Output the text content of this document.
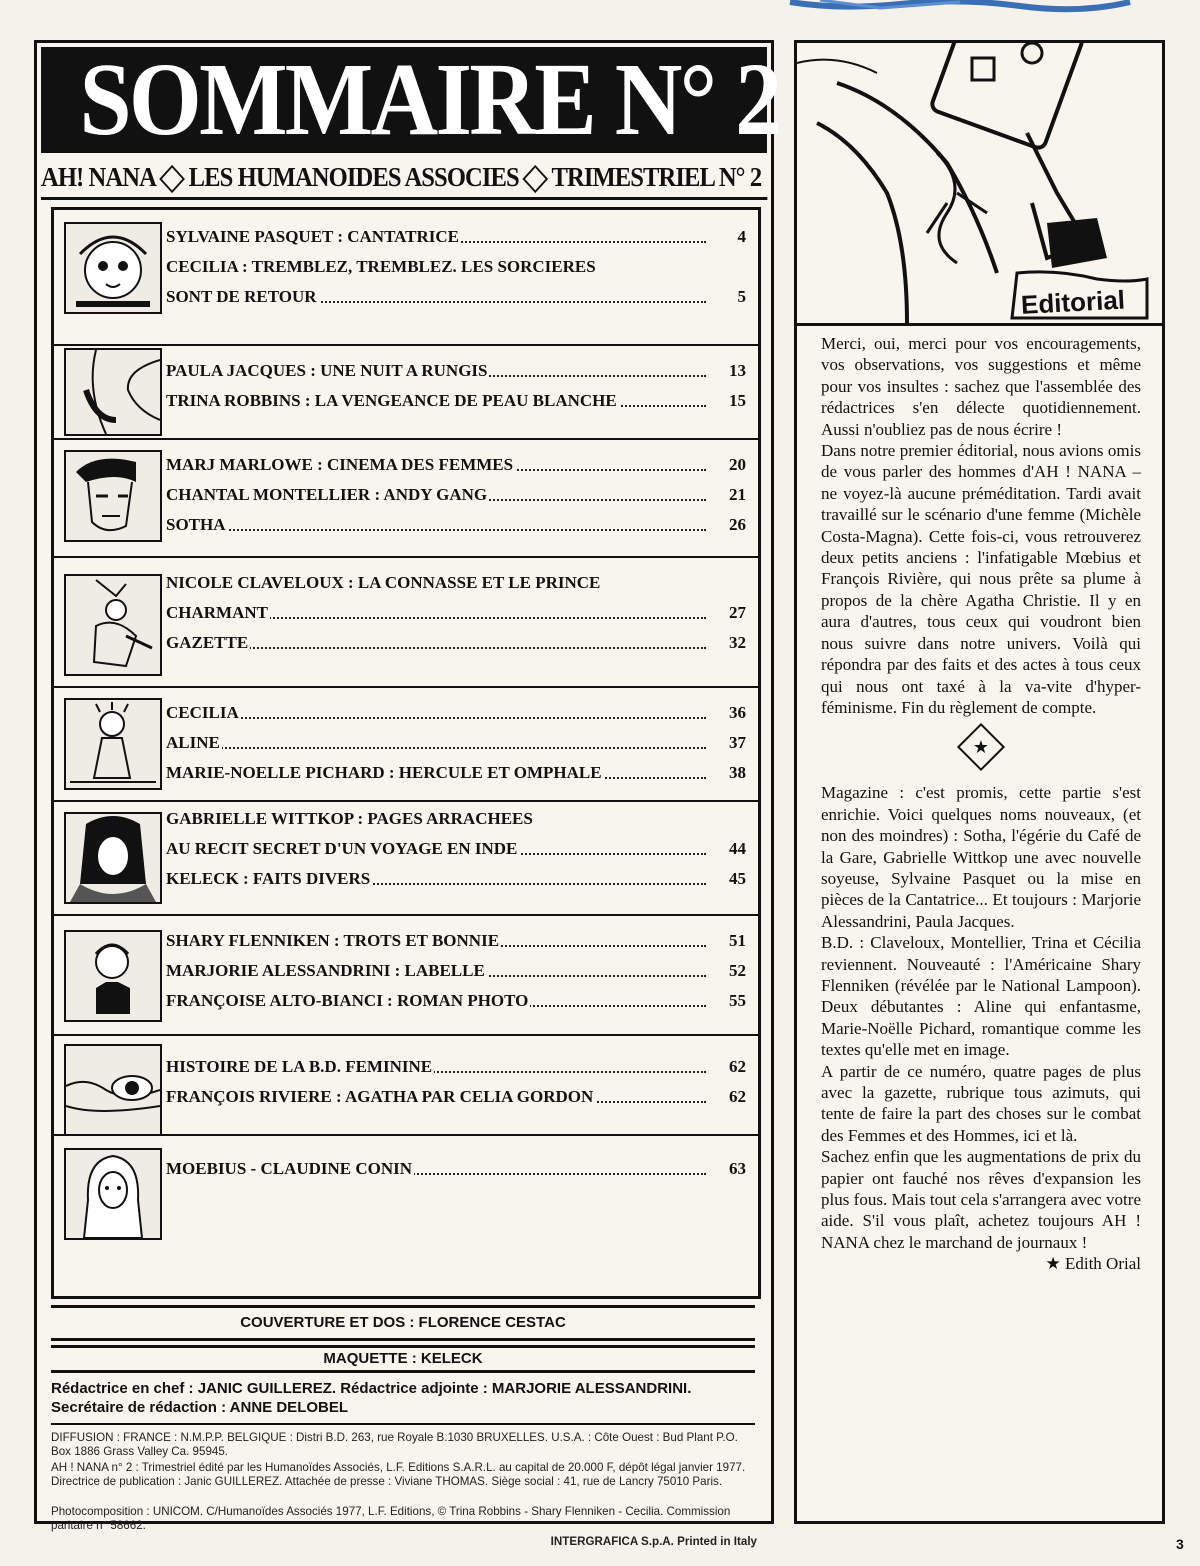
SOMMAIRE N° 2
AH! NANA LES HUMANOIDES ASSOCIES TRIMESTRIEL N° 2
SYLVAINE PASQUET : CANTATRICE	4
CECILIA : TREMBLEZ, TREMBLEZ. LES SORCIERES
SONT DE RETOUR	5
PAULA JACQUES : UNE NUIT A RUNGIS	13
TRINA ROBBINS : LA VENGEANCE DE PEAU BLANCHE	15
MARJ MARLOWE : CINEMA DES FEMMES	20
CHANTAL MONTELLIER : ANDY GANG	21
SOTHA	26
NICOLE CLAVELOUX : LA CONNASSE ET LE PRINCE
CHARMANT	27
GAZETTE	32
CECILIA	36
ALINE	37
MARIE-NOELLE PICHARD : HERCULE ET OMPHALE	38
GABRIELLE WITTKOP : PAGES ARRACHEES
AU RECIT SECRET D'UN VOYAGE EN INDE	44
KELECK : FAITS DIVERS	45
SHARY FLENNIKEN : TROTS ET BONNIE	51
MARJORIE ALESSANDRINI : LABELLE	52
FRANÇOISE ALTO-BIANCI : ROMAN PHOTO	55
HISTOIRE DE LA B.D. FEMININE	62
FRANÇOIS RIVIERE : AGATHA PAR CELIA GORDON	62
MOEBIUS - CLAUDINE CONIN	63
COUVERTURE ET DOS : FLORENCE CESTAC
MAQUETTE : KELECK
Rédactrice en chef : JANIC GUILLEREZ. Rédactrice adjointe : MARJORIE ALESSANDRINI. Secrétaire de rédaction : ANNE DELOBEL
DIFFUSION : FRANCE : N.M.P.P. BELGIQUE : Distri B.D. 263, rue Royale B.1030 BRUXELLES. U.S.A. : Côte Ouest : Bud Plant P.O. Box 1886 Grass Valley Ca. 95945.
AH ! NANA n° 2 : Trimestriel édité par les Humanoïdes Associés, L.F. Editions S.A.R.L. au capital de 20.000 F, dépôt légal janvier 1977. Directrice de publication : Janic GUILLEREZ. Attachée de presse : Viviane THOMAS. Siège social : 41, rue de Lancry 75010 Paris.
Photocomposition : UNICOM. C/Humanoïdes Associés 1977, L.F. Editions, © Trina Robbins - Shary Flenniken - Cecilia. Commission paritaire n° 58662.
INTERGRAFICA S.p.A. Printed in Italy
Editorial

Merci, oui, merci pour vos encouragements, vos observations, vos suggestions et même pour vos insultes : sachez que l'assemblée des rédactrices s'en délecte quotidiennement. Aussi n'oubliez pas de nous écrire !

Dans notre premier éditorial, nous avions omis de vous parler des hommes d'AH ! NANA – ne voyez-là aucune préméditation. Tardi avait travaillé sur le scénario d'une femme (Michèle Costa-Magna). Cette fois-ci, vous retrouverez deux petits anciens : l'infatigable Mœbius et François Rivière, qui nous prête sa plume à propos de la chère Agatha Christie. Il y en aura d'autres, tous ceux qui voudront bien nous suivre dans notre univers. Voilà qui répondra par des faits et des actes à tous ceux qui nous ont taxé à la va-vite d'hyper-féminisme. Fin du règlement de compte.

★

Magazine : c'est promis, cette partie s'est enrichie. Voici quelques noms nouveaux, (et non des moindres) : Sotha, l'égérie du Café de la Gare, Gabrielle Wittkop une avec nouvelle soyeuse, Sylvaine Pasquet ou la mise en pièces de la Cantatrice... Et toujours : Marjorie Alessandrini, Paula Jacques.

B.D. : Claveloux, Montellier, Trina et Cécilia reviennent. Nouveauté : l'Américaine Shary Flenniken (révélée par le National Lampoon). Deux débutantes : Aline qui enfantasme, Marie-Noëlle Pichard, romantique comme les textes qu'elle met en image.

A partir de ce numéro, quatre pages de plus avec la gazette, rubrique tous azimuts, qui tente de faire la part des choses sur le combat des Femmes et des Hommes, ici et là.

Sachez enfin que les augmentations de prix du papier ont fauché nos rêves d'expansion les plus fous. Mais tout cela s'arrangera avec votre aide. S'il vous plaît, achetez toujours AH ! NANA chez le marchand de journaux !

★ Edith Orial

3
